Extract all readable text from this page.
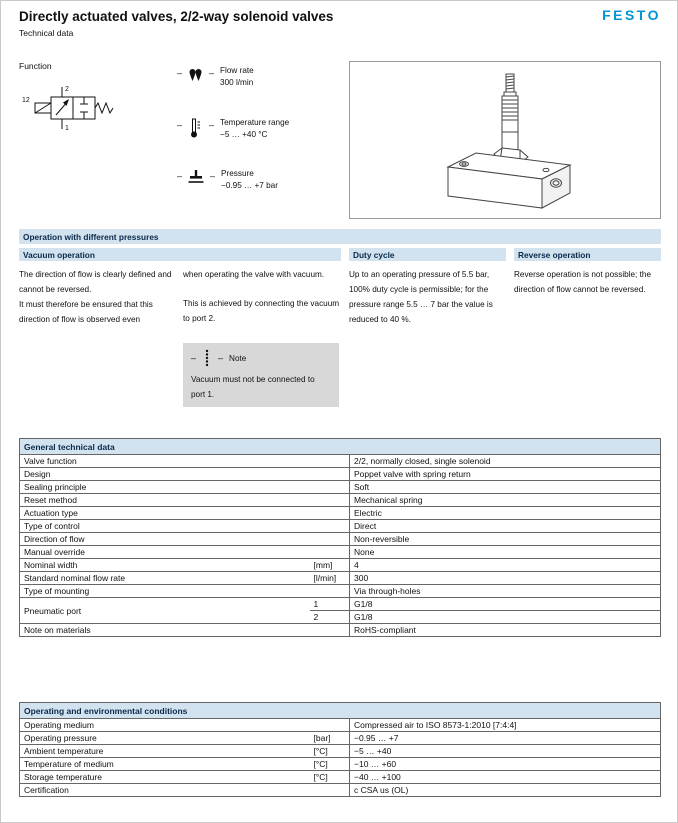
Directly actuated valves, 2/2-way solenoid valves
Technical data
FESTO
Function
2
1
12
–	– Flow rate
300 l/min
–	– Temperature range
−5 … +40 °C
–	– Pressure
−0.95 … +7 bar
Operation with different pressures
Vacuum operation	Duty cycle	Reverse operation

The direction of flow is clearly defined and cannot be reversed.

It must therefore be ensured that this direction of flow is observed even

when operating the valve with vacuum.

This is achieved by connecting the vacuum to port 2.

Up to an operating pressure of 5.5 bar, 100% duty cycle is permissible; for the pressure range 5.5 … 7 bar the value is reduced to 40 %.

Reverse operation is not possible; the direction of flow cannot be reversed.

– – Note
Vacuum must not be connected to port 1.
General technical data
Valve function		2/2, normally closed, single solenoid
Design		Poppet valve with spring return
Sealing principle		Soft
Reset method		Mechanical spring
Actuation type		Electric
Type of control		Direct
Direction of flow		Non-reversible
Manual override		None
Nominal width	[mm]	4
Standard nominal flow rate	[l/min]	300
Type of mounting		Via through-holes
Pneumatic port	1	G1/8
	2	G1/8
Note on materials		RoHS-compliant
Operating and environmental conditions
Operating medium		Compressed air to ISO 8573-1:2010 [7:4:4]
Operating pressure	[bar]	−0.95 … +7
Ambient temperature	[°C]	−5 … +40
Temperature of medium	[°C]	−10 … +60
Storage temperature	[°C]	−40 … +100
Certification		c CSA us (OL)
